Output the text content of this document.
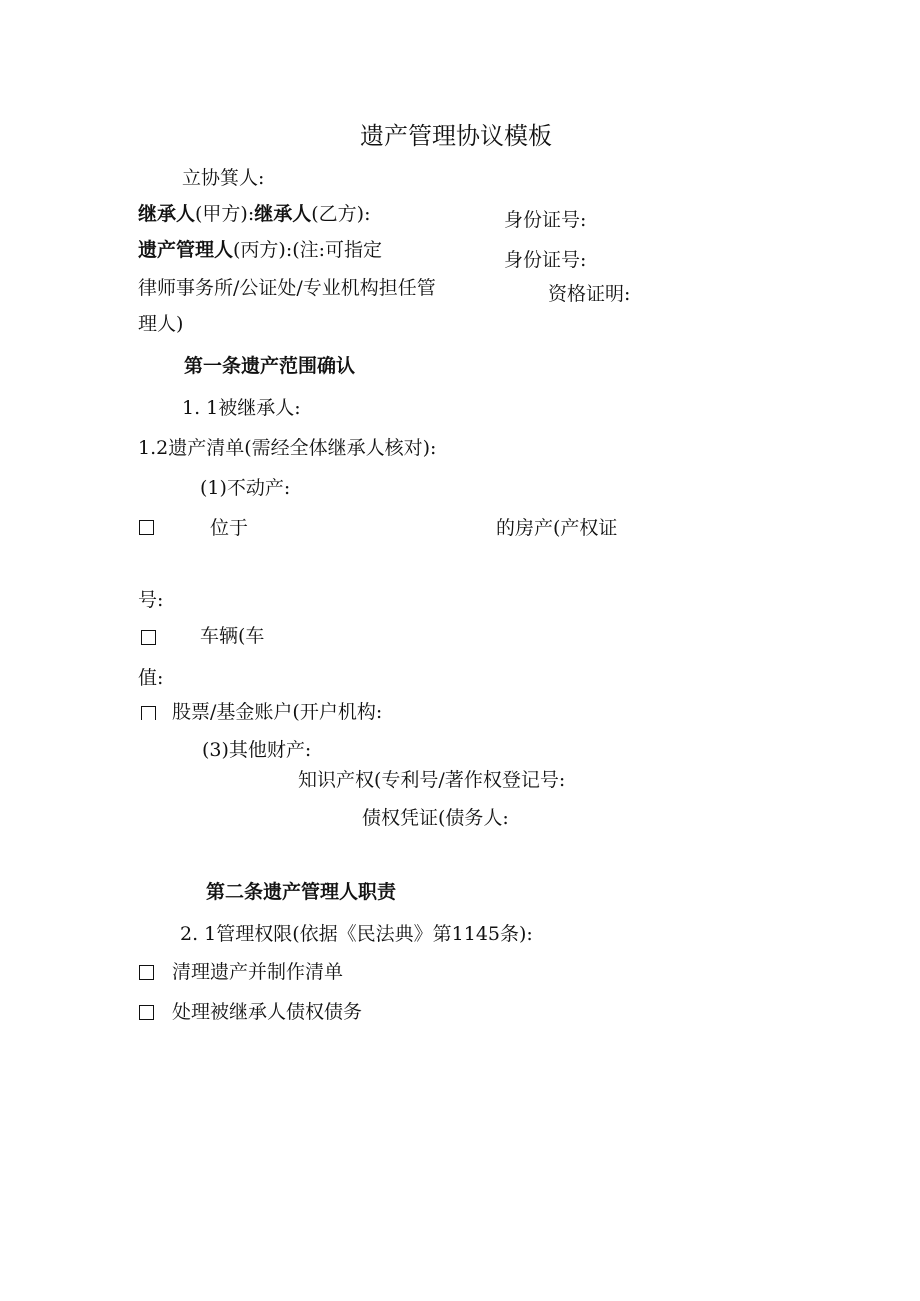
遗产管理协议模板
立协箕人:
继承人(甲方):继承人(乙方):	身份证号:
遗产管理人(丙方):(注:可指定	身份证号:
律师事务所/公证处/专业机构担任管	资格证明:
理人)
第一条遗产范围确认
1. 1被继承人:
1.2遗产清单(需经全体继承人核对):
(1)不动产:
位于	的房产(产权证
号:
车辆(车
值:
股票/基金账户(开户机构:
(3)其他财产:
知识产权(专利号/著作权登记号:
债权凭证(债务人:
第二条遗产管理人职责
2. 1管理权限(依据《民法典》第1145条):
清理遗产并制作清单
处理被继承人债权债务
